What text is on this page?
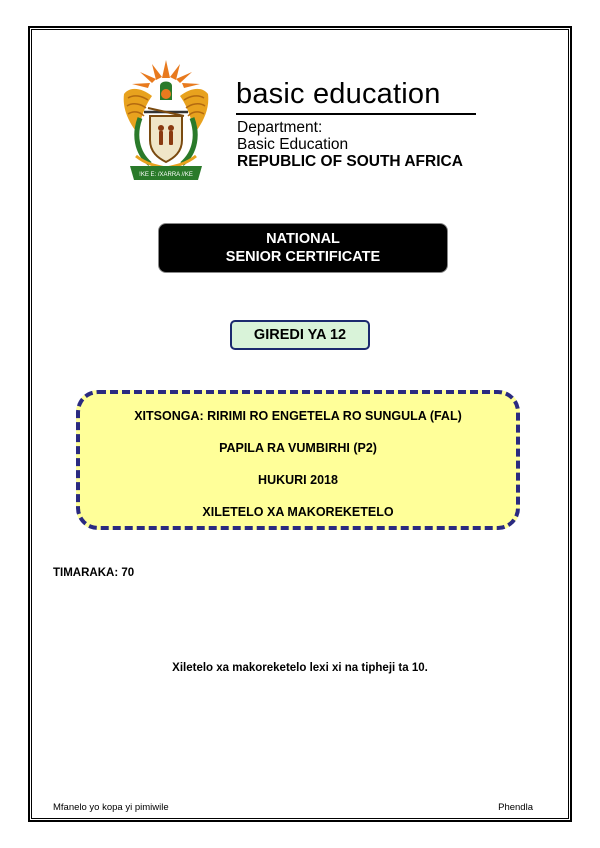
!KE E: /XARRA //KE
basic education
Department:
Basic Education
REPUBLIC OF SOUTH AFRICA
NATIONAL
SENIOR CERTIFICATE
GIREDI YA 12
XITSONGA: RIRIMI RO ENGETELA RO SUNGULA (FAL)
PAPILA RA VUMBIRHI (P2)
HUKURI 2018
XILETELO XA MAKOREKETELO
TIMARAKA: 70
Xiletelo xa makoreketelo lexi xi na tipheji ta 10.
Mfanelo yo kopa yi pimiwile	Phendla
